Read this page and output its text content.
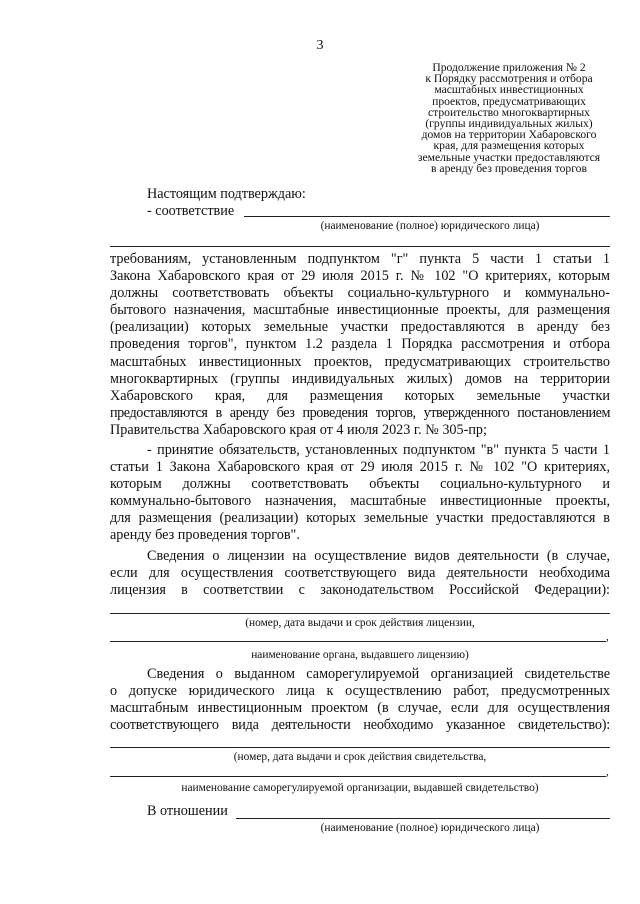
3
Продолжение приложения № 2
к Порядку рассмотрения и отбора
масштабных инвестиционных
проектов, предусматривающих
строительство многоквартирных
(группы индивидуальных жилых)
домов на территории Хабаровского
края, для размещения которых
земельные участки предоставляются
в аренду без проведения торгов
Настоящим подтверждаю:
- соответствие
(наименование (полное) юридического лица)
требованиям, установленным подпунктом "г" пункта 5 части 1 статьи 1
Закона Хабаровского края от 29 июля 2015 г. № 102 "О критериях, которым
должны соответствовать объекты социально-культурного и коммунально-
бытового назначения, масштабные инвестиционные проекты, для размещения
(реализации) которых земельные участки предоставляются в аренду без
проведения торгов", пунктом 1.2 раздела 1 Порядка рассмотрения и отбора
масштабных инвестиционных проектов, предусматривающих строительство
многоквартирных (группы индивидуальных жилых) домов на территории
Хабаровского края, для размещения которых земельные участки
предоставляются в аренду без проведения торгов, утвержденного постановлением
Правительства Хабаровского края от 4 июля 2023 г. № 305-пр;
- принятие обязательств, установленных подпунктом "в" пункта 5 части 1
статьи 1 Закона Хабаровского края от 29 июля 2015 г. № 102 "О критериях,
которым должны соответствовать объекты социально-культурного и
коммунально-бытового назначения, масштабные инвестиционные проекты,
для размещения (реализации) которых земельные участки предоставляются в
аренду без проведения торгов".
Сведения о лицензии на осуществление видов деятельности (в случае,
если для осуществления соответствующего вида деятельности необходима
лицензия в соответствии с законодательством Российской Федерации):
(номер, дата выдачи и срок действия лицензии,
,
наименование органа, выдавшего лицензию)
Сведения о выданном саморегулируемой организацией свидетельстве
о допуске юридического лица к осуществлению работ, предусмотренных
масштабным инвестиционным проектом (в случае, если для осуществления
соответствующего вида деятельности необходимо указанное свидетельство):
(номер, дата выдачи и срок действия свидетельства,
,
наименование саморегулируемой организации, выдавшей свидетельство)
В отношении
(наименование (полное) юридического лица)
